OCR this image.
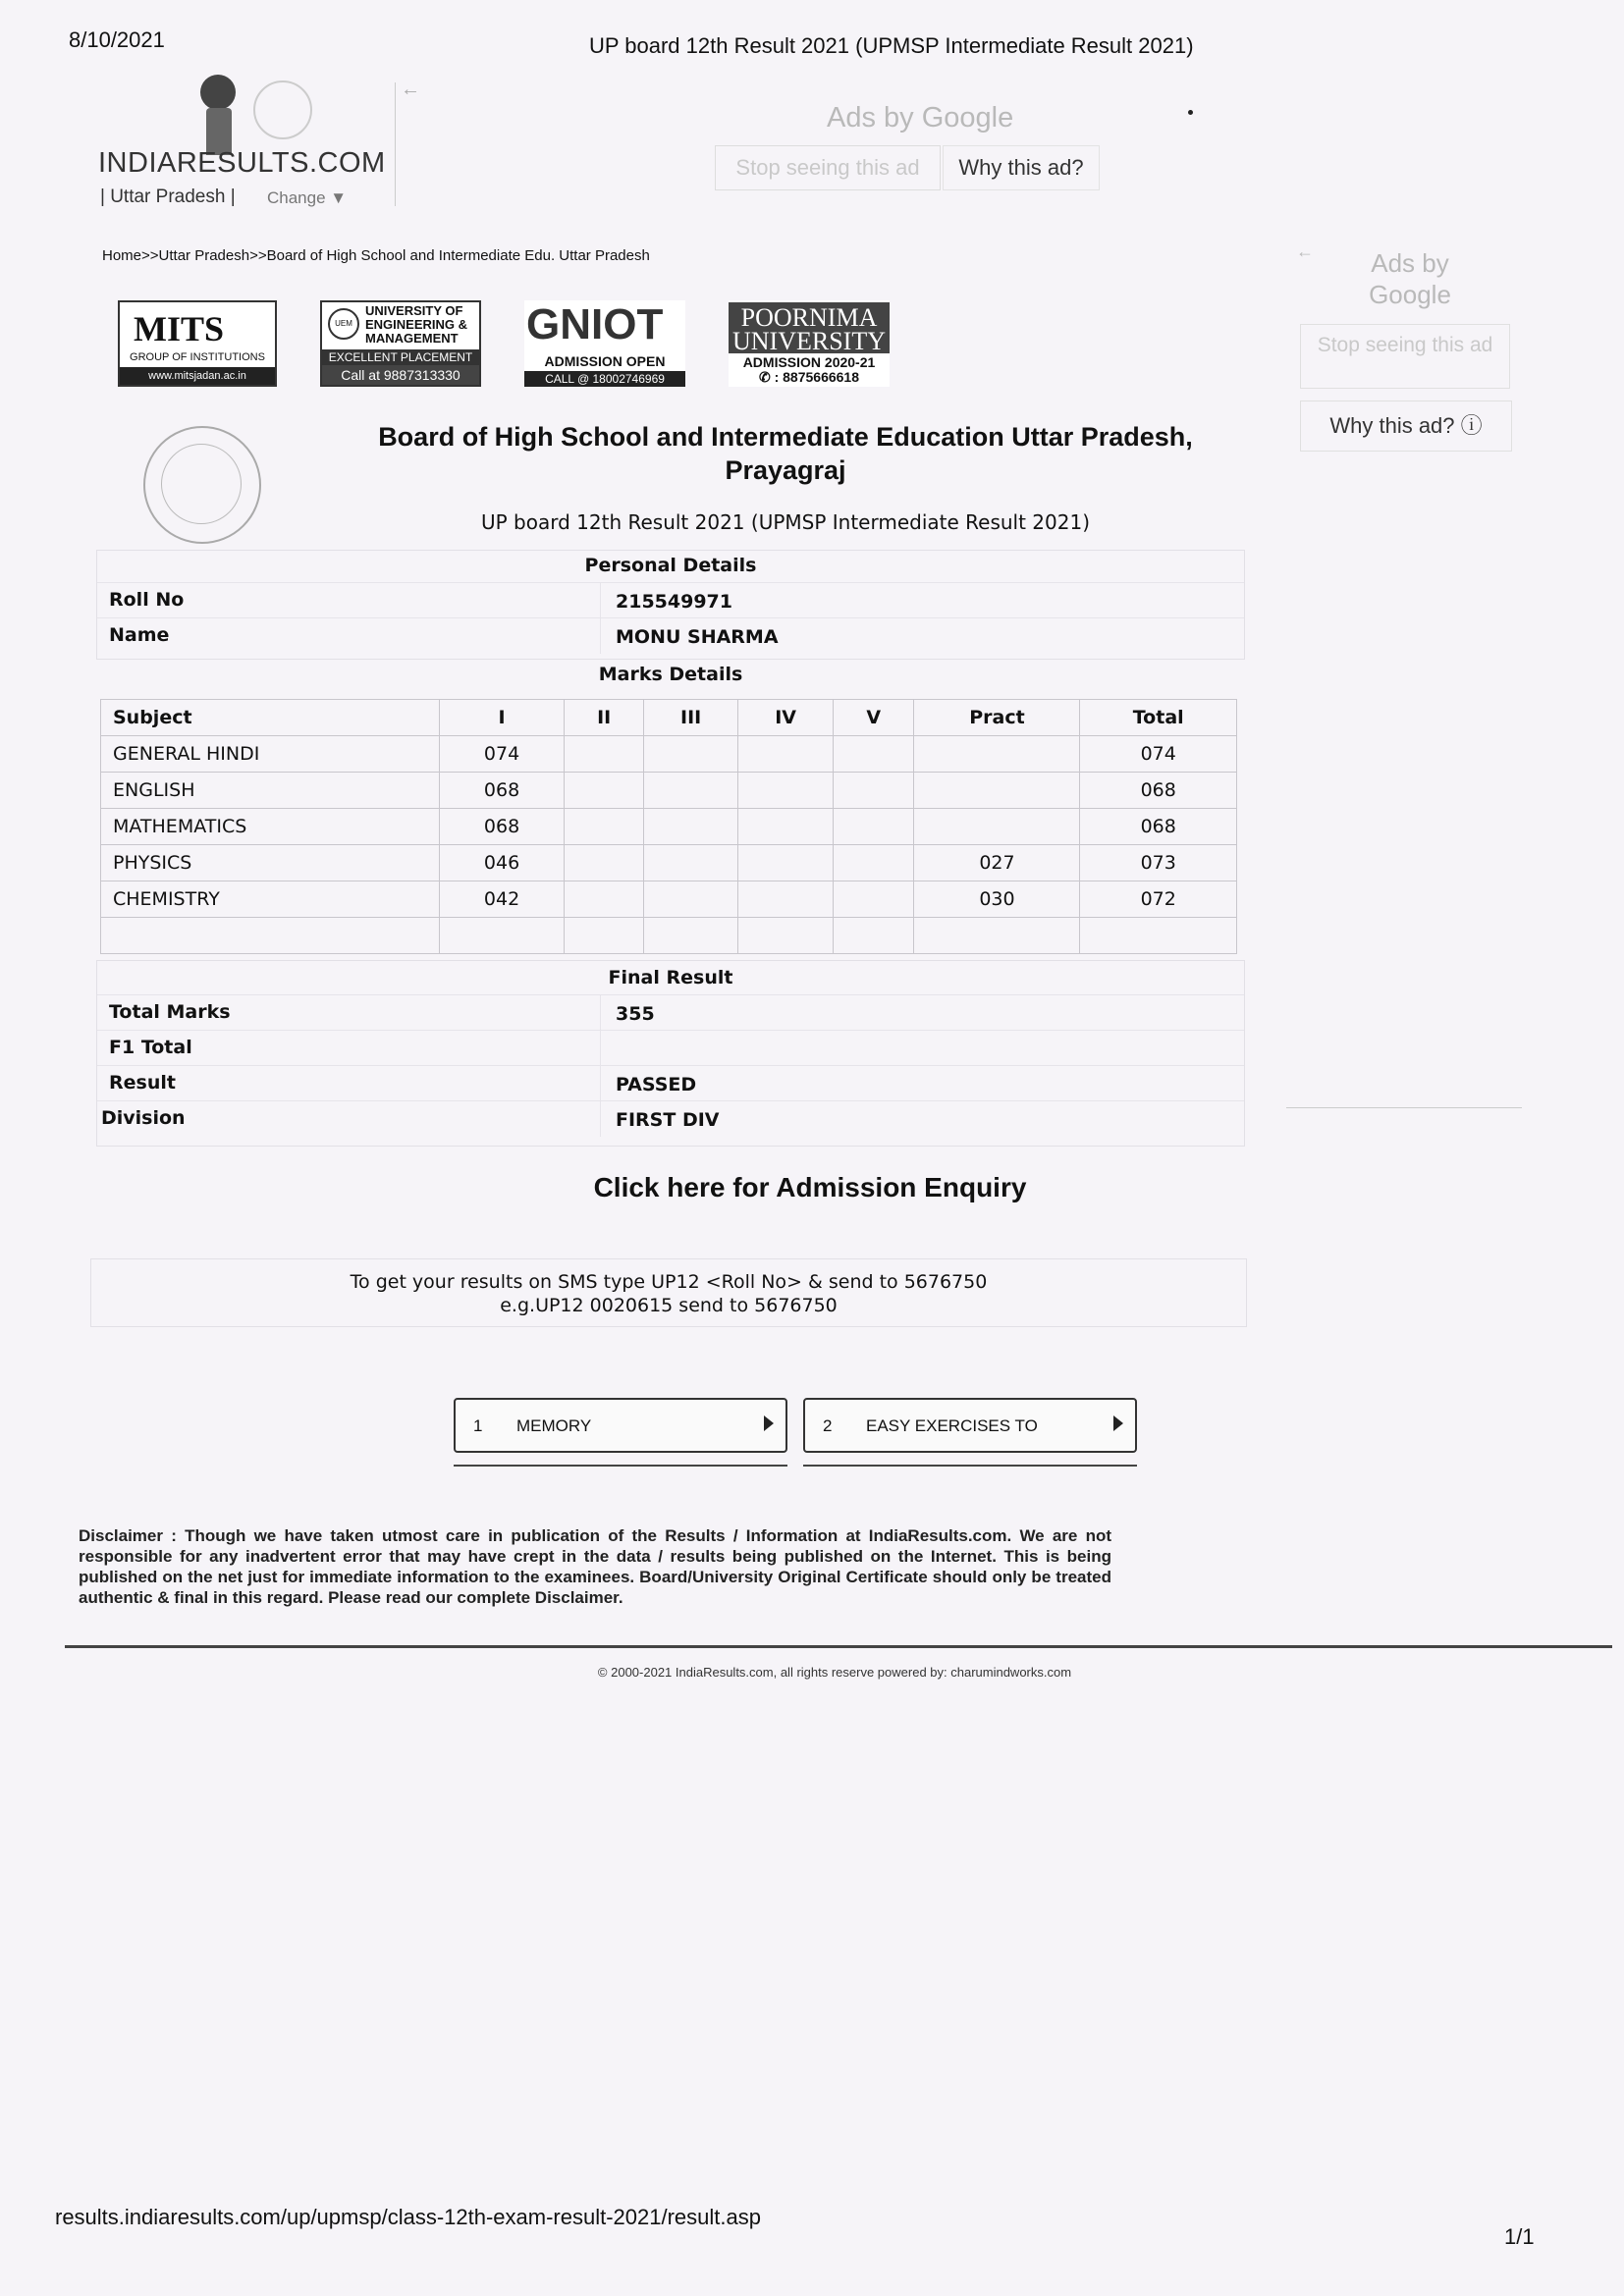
8/10/2021	UP board 12th Result 2021 (UPMSP Intermediate Result 2021)
INDIARESULTS.COM
| Uttar Pradesh | Change ▼
←
Ads by Google
Stop seeing this ad	Why this ad?
Home>>Uttar Pradesh>>Board of High School and Intermediate Edu. Uttar Pradesh	←	Ads by Google
Stop seeing this ad
Why this ad? ⓘ
MITS
GROUP OF INSTITUTIONS
www.mitsjadan.ac.in
UEM
UNIVERSITY OF ENGINEERING & MANAGEMENT
EXCELLENT PLACEMENT
Call at 9887313330
GNIOT
ADMISSION OPEN
CALL @ 18002746969
POORNIMA UNIVERSITY
ADMISSION 2020-21
✆ : 8875666618
Board of High School and Intermediate Education Uttar Pradesh, Prayagraj
UP board 12th Result 2021 (UPMSP Intermediate Result 2021)
Personal Details
Roll No	215549971
Name	MONU SHARMA
Marks Details
Subject	I	II	III	IV	V	Pract	Total
GENERAL HINDI	074						074
ENGLISH	068						068
MATHEMATICS	068						068
PHYSICS	046					027	073
CHEMISTRY	042					030	072

Final Result
Total Marks	355
F1 Total
Result	PASSED
Division	FIRST DIV
Click here for Admission Enquiry
To get your results on SMS type UP12 <Roll No> & send to 5676750
e.g.UP12 0020615 send to 5676750
1 MEMORY	2 EASY EXERCISES TO
Disclaimer : Though we have taken utmost care in publication of the Results / Information at IndiaResults.com. We are not responsible for any inadvertent error that may have crept in the data / results being published on the Internet. This is being published on the net just for immediate information to the examinees. Board/University Original Certificate should only be treated authentic & final in this regard. Please read our complete Disclaimer.
© 2000-2021 IndiaResults.com, all rights reserve powered by: charumindworks.com
results.indiaresults.com/up/upmsp/class-12th-exam-result-2021/result.asp
1/1
